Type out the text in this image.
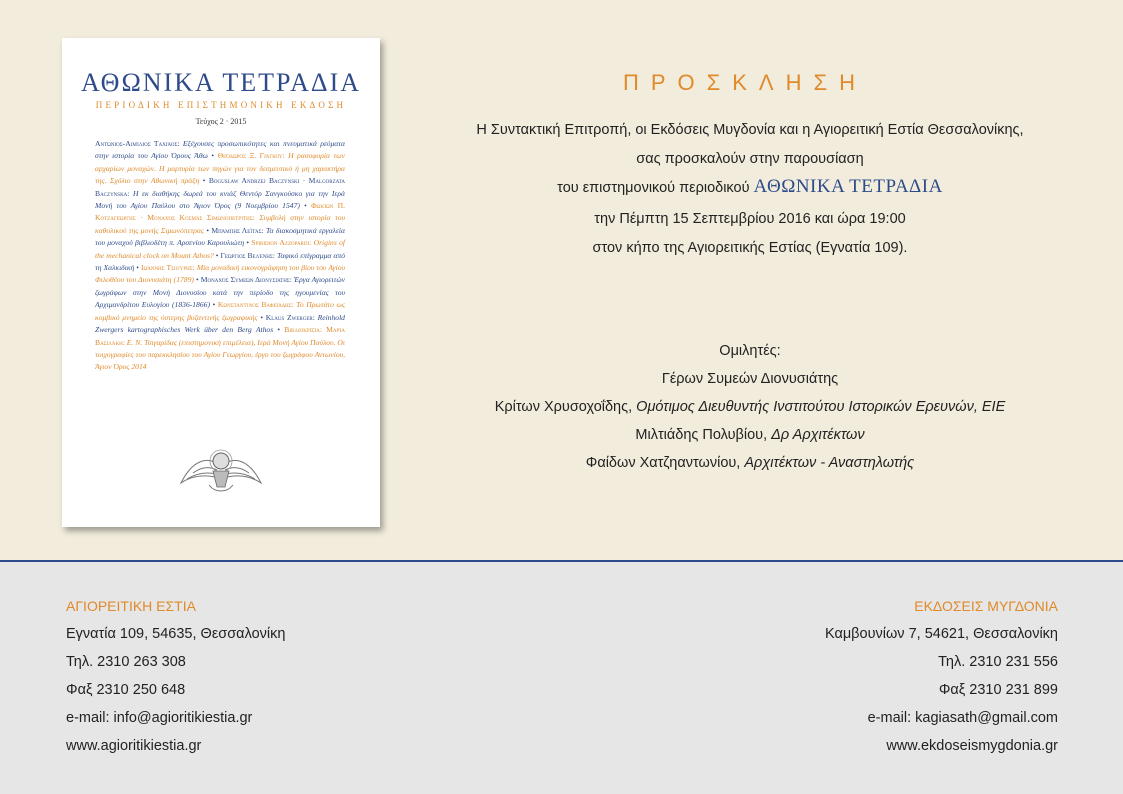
ΑΘΩΝΙΚΑ ΤΕΤΡΑΔΙΑ
ΠΕΡΙΟΔΙΚΗ ΕΠΙΣΤΗΜΟΝΙΚΗ ΕΚΔΟΣΗ
Τεύχος 2 · 2015
Αντώνιος-Αιμίλιος Ταχιάος: Εξέχουσες προσωπικότητες και πνευματικά ρεύματα στην ιστορία του Αγίου Όρους Άθω • Θεόδωρος Ξ. Γιάγκου: Η ρασοφορία των αρχαρίων μοναχών. Η μαρτυρία των πηγών για τον δεσμευτικό ή μη χαρακτήρα της. Σχόλιο στην Αθωνική πράξη • Boguslaw Andrzej Baczynski · Malgorzata Baczynska: Η εκ διαθήκης δωρεά του κνιάζ Θεντόρ Σανγκούσκο για την Ιερά Μονή του Αγίου Παύλου στο Άγιον Όρος (9 Νοεμβρίου 1547) • Φωκίων Π. Κοτζαγεώργης · Μοναχός Κοσμάς Σιμωνοπετρίτης: Συμβολή στην ιστορία του καθολικού της μονής Σιμωνόπετρας • Μπάμπης Λεϊτάς: Τα διακοσμητικά εργαλεία του μοναχού βιβλιοδέτη π. Αρσενίου Καρουλιώτη • Spiridion Azzopardi: Origins of the mechanical clock on Mount Athos? • Γεώργιος Βελένης: Ταφικό επίγραμμα από τη Χαλκιδική • Ιωάννης Τσιούρης: Μία μοναδική εικονογράφηση του βίου του Αγίου Φιλοθέου του Διονυσιάτη (1789) • Μοναχός Συμεών Διονυσιάτης: Έργα Αγιορειτών ζωγράφων στην Μονή Διονυσίου κατά την περίοδο της ηγουμενίας του Αρχιμανδρίτου Ευλογίου (1836-1866) • Κωνσταντίνος Βαφειάδης: Το Πρωτάτο ως κομβικό μνημείο της ύστερης βυζαντινής ζωγραφικής • Klaus Zwerger: Reinhold Zwergers kartographisches Werk über den Berg Athos • Βιβλιοκρισία: Μαρία Βασιλάκη: Ε. Ν. Τσιγαρίδας (επιστημονική επιμέλεια), Ιερά Μονή Αγίου Παύλου. Οι τοιχογραφίες του παρεκκλησίου του Αγίου Γεωργίου, έργο του ζωγράφου Αντωνίου, Άγιον Όρος 2014
ΠΡΟΣΚΛΗΣΗ
Η Συντακτική Επιτροπή, οι Εκδόσεις Μυγδονία και η Αγιορειτική Εστία Θεσσαλονίκης,
σας προσκαλούν στην παρουσίαση
του επιστημονικού περιοδικού ΑΘΩΝΙΚΑ ΤΕΤΡΑΔΙΑ
την Πέμπτη 15 Σεπτεμβρίου 2016 και ώρα 19:00
στον κήπο της Αγιορειτικής Εστίας (Εγνατία 109).
Ομιλητές:
Γέρων Συμεών Διονυσιάτης
Κρίτων Χρυσοχοΐδης, Ομότιμος Διευθυντής Ινστιτούτου Ιστορικών Ερευνών, ΕΙΕ
Μιλτιάδης Πολυβίου, Δρ Αρχιτέκτων
Φαίδων Χατζηαντωνίου, Αρχιτέκτων - Αναστηλωτής
ΑΓΙΟΡΕΙΤΙΚΗ ΕΣΤΙΑ
Εγνατία 109, 54635, Θεσσαλονίκη
Τηλ. 2310 263 308
Φαξ 2310 250 648
e-mail: info@agioritikiestia.gr
www.agioritikiestia.gr
ΕΚΔΟΣΕΙΣ ΜΥΓΔΟΝΙΑ
Καμβουνίων 7, 54621, Θεσσαλονίκη
Τηλ. 2310 231 556
Φαξ 2310 231 899
e-mail: kagiasath@gmail.com
www.ekdoseismygdonia.gr
